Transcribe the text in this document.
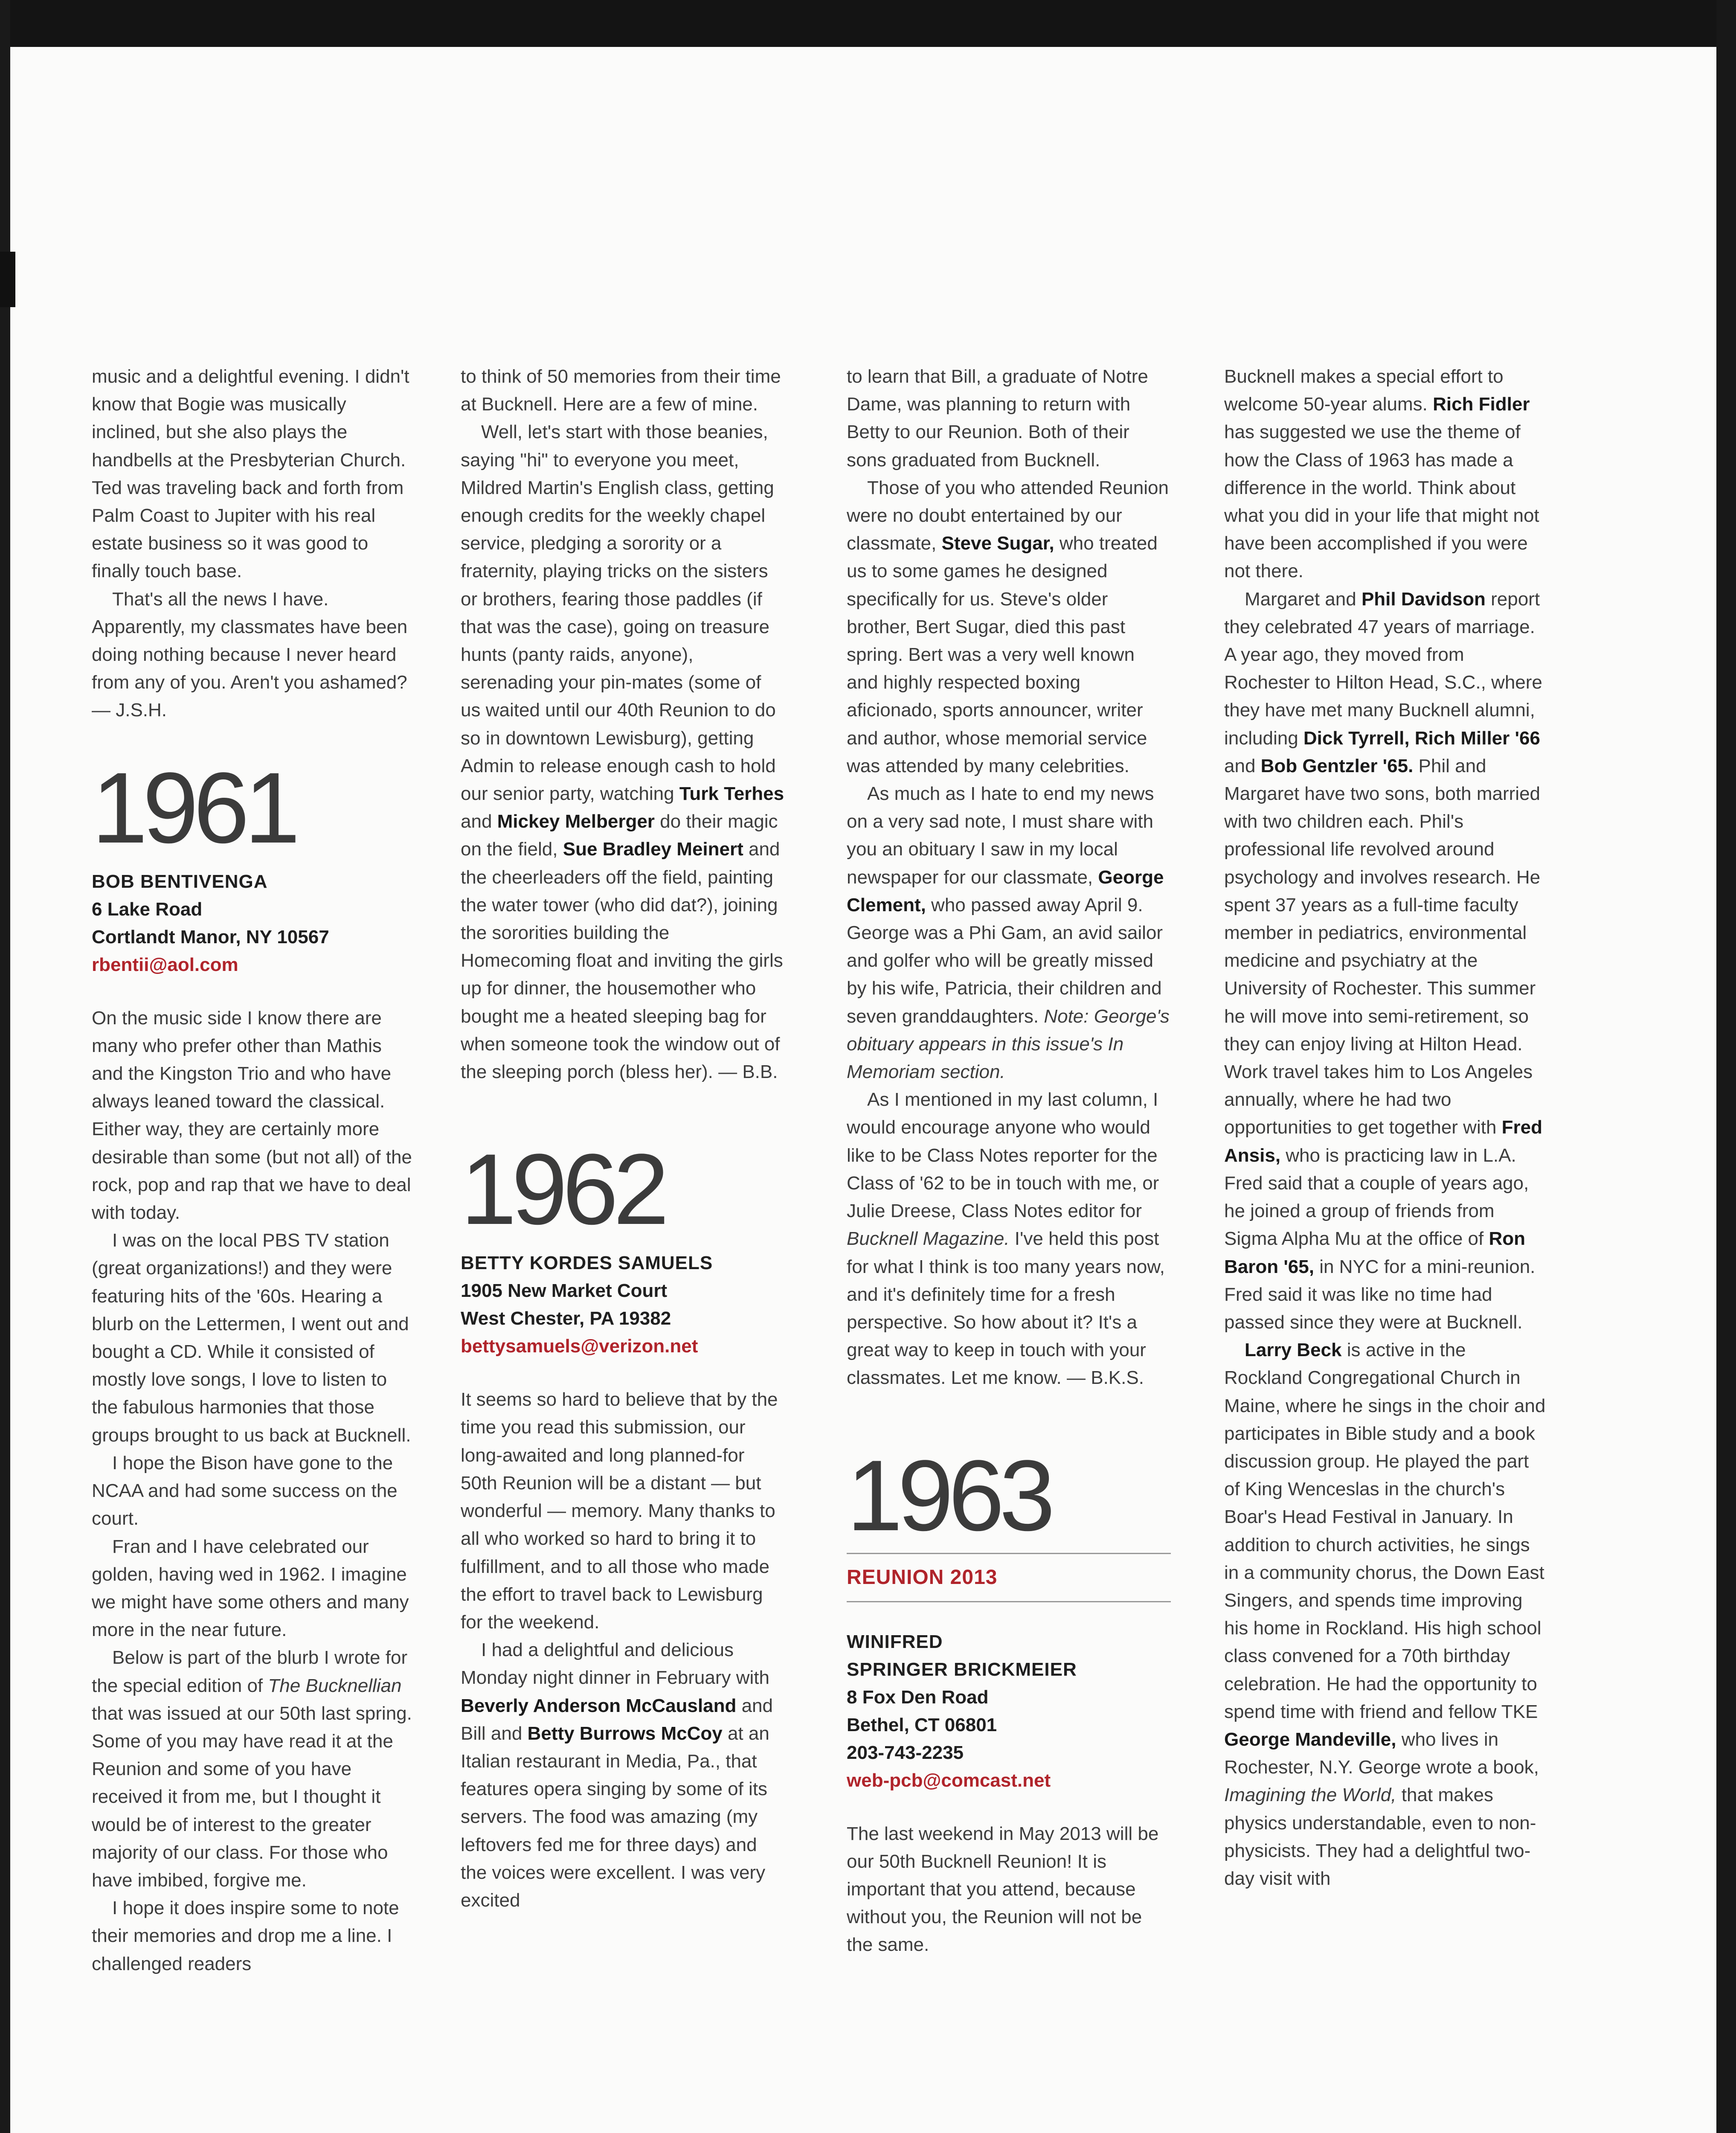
music and a delightful evening. I didn't know that Bogie was musically inclined, but she also plays the handbells at the Presbyterian Church. Ted was traveling back and forth from Palm Coast to Jupiter with his real estate business so it was good to finally touch base.

That's all the news I have. Apparently, my classmates have been doing nothing because I never heard from any of you. Aren't you ashamed? — J.S.H.

1961

BOB BENTIVENGA

6 Lake Road

Cortlandt Manor, NY 10567

rbentii@aol.com

On the music side I know there are many who prefer other than Mathis and the Kingston Trio and who have always leaned toward the classical. Either way, they are certainly more desirable than some (but not all) of the rock, pop and rap that we have to deal with today.

I was on the local PBS TV station (great organizations!) and they were featuring hits of the '60s. Hearing a blurb on the Lettermen, I went out and bought a CD. While it consisted of mostly love songs, I love to listen to the fabulous harmonies that those groups brought to us back at Bucknell.

I hope the Bison have gone to the NCAA and had some success on the court.

Fran and I have celebrated our golden, having wed in 1962. I imagine we might have some others and many more in the near future.

Below is part of the blurb I wrote for the special edition of The Bucknellian that was issued at our 50th last spring. Some of you may have read it at the Reunion and some of you have received it from me, but I thought it would be of interest to the greater majority of our class. For those who have imbibed, forgive me.

I hope it does inspire some to note their memories and drop me a line. I challenged readers

to think of 50 memories from their time at Bucknell. Here are a few of mine.

Well, let's start with those beanies, saying "hi" to everyone you meet, Mildred Martin's English class, getting enough credits for the weekly chapel service, pledging a sorority or a fraternity, playing tricks on the sisters or brothers, fearing those paddles (if that was the case), going on treasure hunts (panty raids, anyone), serenading your pin-mates (some of us waited until our 40th Reunion to do so in downtown Lewisburg), getting Admin to release enough cash to hold our senior party, watching Turk Terhes and Mickey Melberger do their magic on the field, Sue Bradley Meinert and the cheerleaders off the field, painting the water tower (who did dat?), joining the sororities building the Homecoming float and inviting the girls up for dinner, the housemother who bought me a heated sleeping bag for when someone took the window out of the sleeping porch (bless her). — B.B.

1962

BETTY KORDES SAMUELS

1905 New Market Court

West Chester, PA 19382

bettysamuels@verizon.net

It seems so hard to believe that by the time you read this submission, our long-awaited and long planned-for 50th Reunion will be a distant — but wonderful — memory. Many thanks to all who worked so hard to bring it to fulfillment, and to all those who made the effort to travel back to Lewisburg for the weekend.

I had a delightful and delicious Monday night dinner in February with Beverly Anderson McCausland and Bill and Betty Burrows McCoy at an Italian restaurant in Media, Pa., that features opera singing by some of its servers. The food was amazing (my leftovers fed me for three days) and the voices were excellent. I was very excited

to learn that Bill, a graduate of Notre Dame, was planning to return with Betty to our Reunion. Both of their sons graduated from Bucknell.

Those of you who attended Reunion were no doubt entertained by our classmate, Steve Sugar, who treated us to some games he designed specifically for us. Steve's older brother, Bert Sugar, died this past spring. Bert was a very well known and highly respected boxing aficionado, sports announcer, writer and author, whose memorial service was attended by many celebrities.

As much as I hate to end my news on a very sad note, I must share with you an obituary I saw in my local newspaper for our classmate, George Clement, who passed away April 9. George was a Phi Gam, an avid sailor and golfer who will be greatly missed by his wife, Patricia, their children and seven granddaughters. Note: George's obituary appears in this issue's In Memoriam section.

As I mentioned in my last column, I would encourage anyone who would like to be Class Notes reporter for the Class of '62 to be in touch with me, or Julie Dreese, Class Notes editor for Bucknell Magazine. I've held this post for what I think is too many years now, and it's definitely time for a fresh perspective. So how about it? It's a great way to keep in touch with your classmates. Let me know. — B.K.S.

1963

REUNION 2013

WINIFRED

SPRINGER BRICKMEIER

8 Fox Den Road

Bethel, CT 06801

203-743-2235

web-pcb@comcast.net

The last weekend in May 2013 will be our 50th Bucknell Reunion! It is important that you attend, because without you, the Reunion will not be the same.

Bucknell makes a special effort to welcome 50-year alums. Rich Fidler has suggested we use the theme of how the Class of 1963 has made a difference in the world. Think about what you did in your life that might not have been accomplished if you were not there.

Margaret and Phil Davidson report they celebrated 47 years of marriage. A year ago, they moved from Rochester to Hilton Head, S.C., where they have met many Bucknell alumni, including Dick Tyrrell, Rich Miller '66 and Bob Gentzler '65. Phil and Margaret have two sons, both married with two children each. Phil's professional life revolved around psychology and involves research. He spent 37 years as a full-time faculty member in pediatrics, environmental medicine and psychiatry at the University of Rochester. This summer he will move into semi-retirement, so they can enjoy living at Hilton Head. Work travel takes him to Los Angeles annually, where he had two opportunities to get together with Fred Ansis, who is practicing law in L.A. Fred said that a couple of years ago, he joined a group of friends from Sigma Alpha Mu at the office of Ron Baron '65, in NYC for a mini-reunion. Fred said it was like no time had passed since they were at Bucknell.

Larry Beck is active in the Rockland Congregational Church in Maine, where he sings in the choir and participates in Bible study and a book discussion group. He played the part of King Wenceslas in the church's Boar's Head Festival in January. In addition to church activities, he sings in a community chorus, the Down East Singers, and spends time improving his home in Rockland. His high school class convened for a 70th birthday celebration. He had the opportunity to spend time with friend and fellow TKE George Mandeville, who lives in Rochester, N.Y. George wrote a book, Imagining the World, that makes physics understandable, even to non-physicists. They had a delightful two-day visit with
